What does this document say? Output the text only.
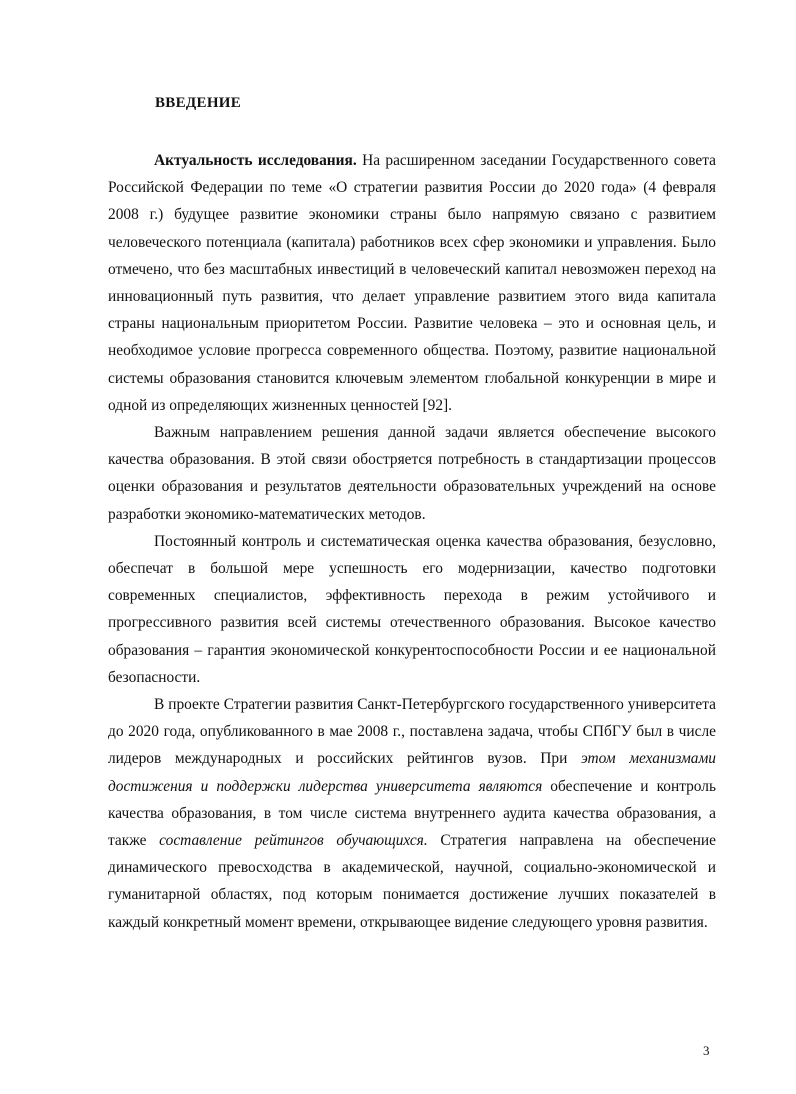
ВВЕДЕНИЕ

Актуальность исследования. На расширенном заседании Государственного совета Российской Федерации по теме «О стратегии развития России до 2020 года» (4 февраля 2008 г.) будущее развитие экономики страны было напрямую связано с развитием человеческого потенциала (капитала) работников всех сфер экономики и управления. Было отмечено, что без масштабных инвестиций в человеческий капитал невозможен переход на инновационный путь развития, что делает управление развитием этого вида капитала страны национальным приоритетом России. Развитие человека – это и основная цель, и необходимое условие прогресса современного общества. Поэтому, развитие национальной системы образования становится ключевым элементом глобальной конкуренции в мире и одной из определяющих жизненных ценностей [92].

Важным направлением решения данной задачи является обеспечение высокого качества образования. В этой связи обостряется потребность в стандартизации процессов оценки образования и результатов деятельности образовательных учреждений на основе разработки экономико-математических методов.

Постоянный контроль и систематическая оценка качества образования, безусловно, обеспечат в большой мере успешность его модернизации, качество подготовки современных специалистов, эффективность перехода в режим устойчивого и прогрессивного развития всей системы отечественного образования. Высокое качество образования – гарантия экономической конкурентоспособности России и ее национальной безопасности.

В проекте Стратегии развития Санкт-Петербургского государственного университета до 2020 года, опубликованного в мае 2008 г., поставлена задача, чтобы СПбГУ был в числе лидеров международных и российских рейтингов вузов. При этом механизмами достижения и поддержки лидерства университета являются обеспечение и контроль качества образования, в том числе система внутреннего аудита качества образования, а также составление рейтингов обучающихся. Стратегия направлена на обеспечение динамического превосходства в академической, научной, социально-экономической и гуманитарной областях, под которым понимается достижение лучших показателей в каждый конкретный момент времени, открывающее видение следующего уровня развития.

3
